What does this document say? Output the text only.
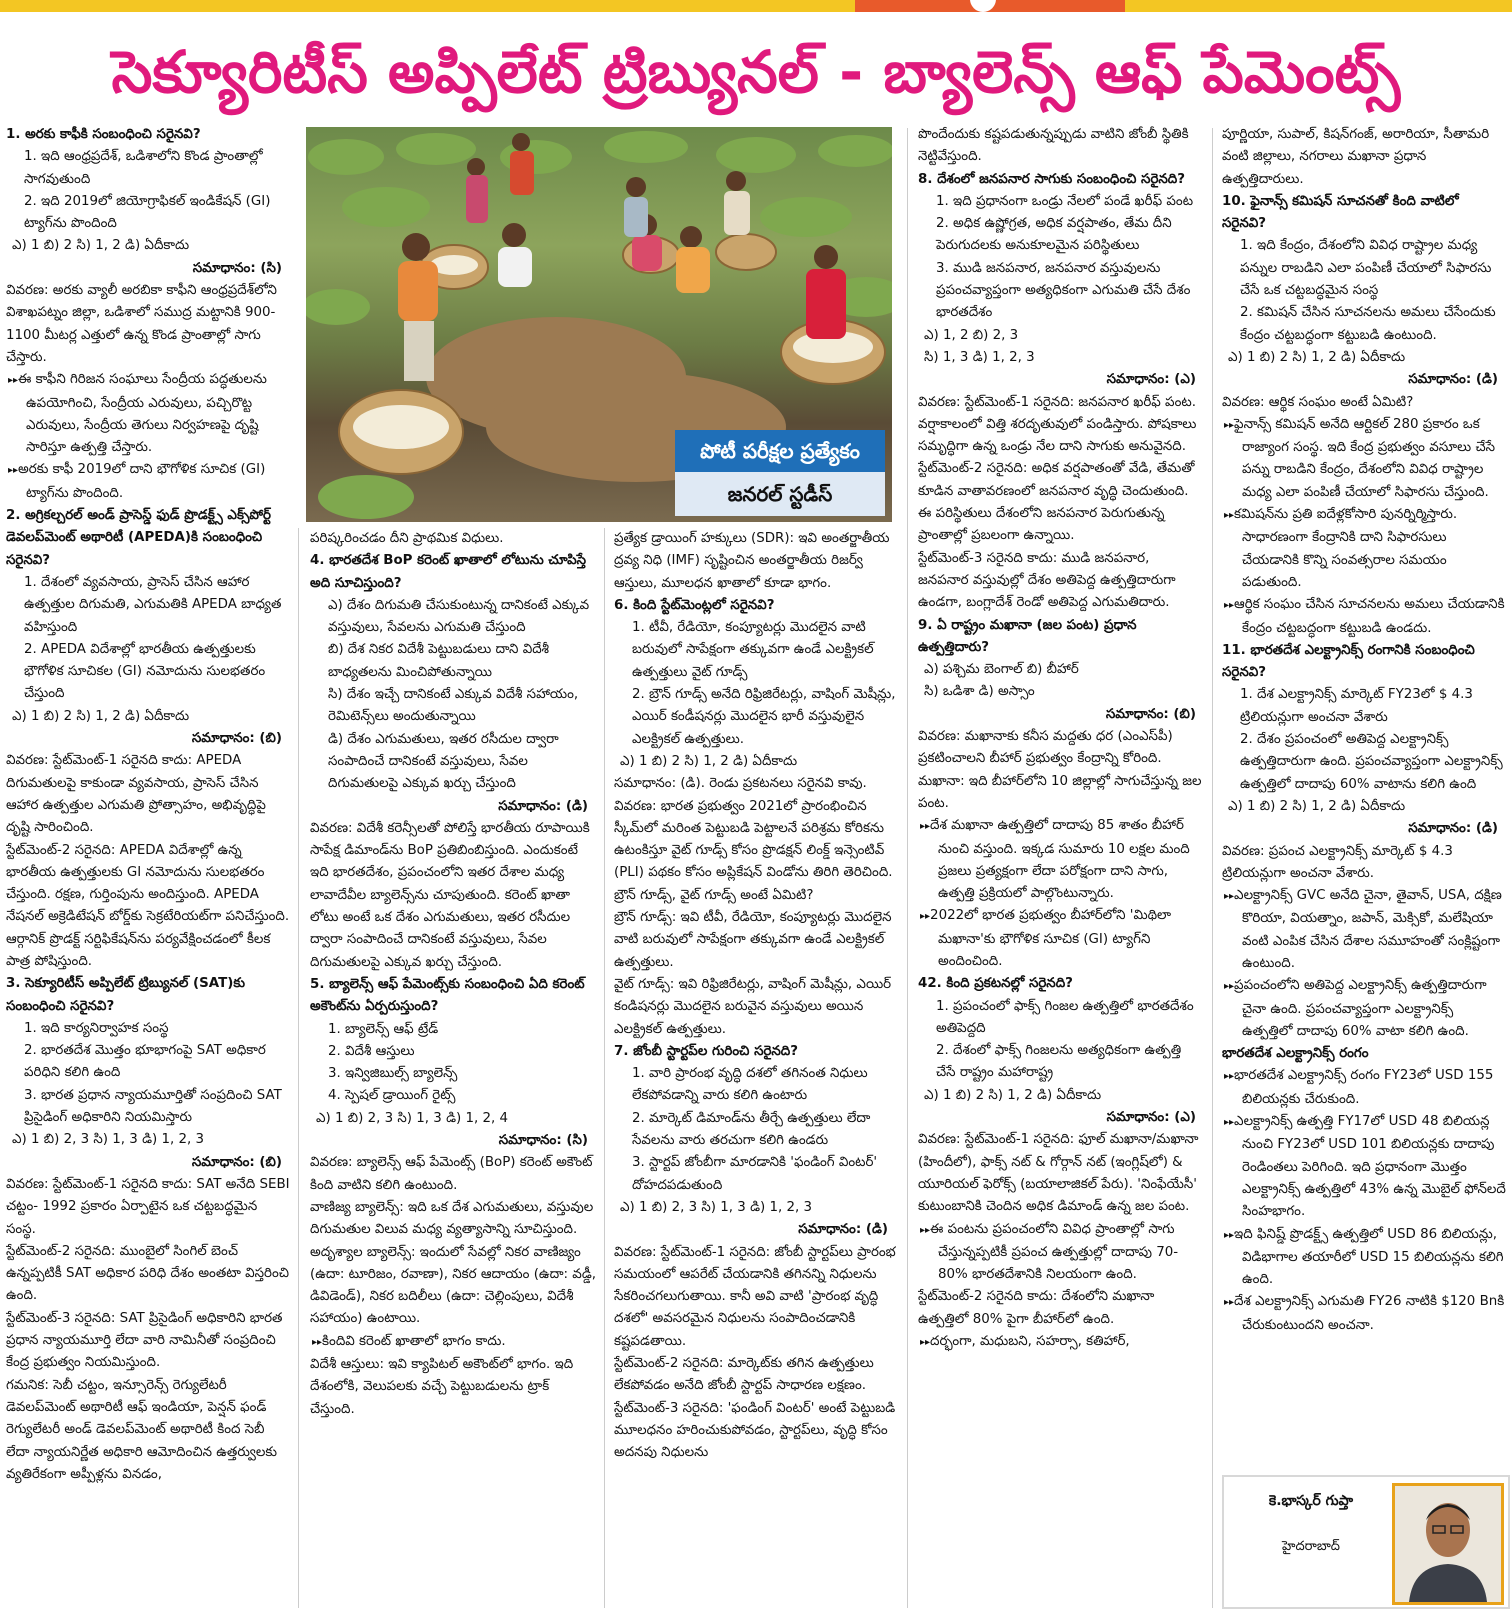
సెక్యూరిటీస్ అప్పిలేట్ ట్రిబ్యునల్ - బ్యాలెన్స్ ఆఫ్ పేమెంట్స్

1. అరకు కాఫీకి సంబంధించి సరైనవి?

1. ఇది ఆంధ్రప్రదేశ్, ఒడిశాలోని కొండ ప్రాంతాల్లో సాగవుతుంది

2. ఇది 2019లో జియోగ్రాఫికల్ ఇండికేషన్ (GI) ట్యాగ్‌ను పొందింది

ఎ) 1 బి) 2 సి) 1, 2 డి) ఏదీకాదు

సమాధానం: (సి)

వివరణ: అరకు వ్యాలీ అరబికా కాఫీని ఆంధ్రప్రదేశ్‌లోని విశాఖపట్నం జిల్లా, ఒడిశాలో సముద్ర మట్టానికి 900-1100 మీటర్ల ఎత్తులో ఉన్న కొండ ప్రాంతాల్లో సాగు చేస్తారు.

▸▸ ఈ కాఫీని గిరిజన సంఘాలు సేంద్రీయ పద్ధతులను ఉపయోగించి, సేంద్రీయ ఎరువులు, పచ్చిరొట్ట ఎరువులు, సేంద్రీయ తెగులు నిర్వహణపై దృష్టి సారిస్తూ ఉత్పత్తి చేస్తారు.

▸▸ అరకు కాఫీ 2019లో దాని భౌగోళిక సూచిక (GI) ట్యాగ్‌ను పొందింది.

2. అగ్రికల్చరల్ అండ్ ప్రాసెస్డ్ ఫుడ్ ప్రొడక్ట్స్ ఎక్స్‌పోర్ట్ డెవలప్‌మెంట్ అథారిటీ (APEDA)కి సంబంధించి సరైనవి?

1. దేశంలో వ్యవసాయ, ప్రాసెస్ చేసిన ఆహార ఉత్పత్తుల దిగుమతి, ఎగుమతికి APEDA బాధ్యత వహిస్తుంది

2. APEDA విదేశాల్లో భారతీయ ఉత్పత్తులకు భౌగోళిక సూచికల (GI) నమోదును సులభతరం చేస్తుంది

ఎ) 1 బి) 2 సి) 1, 2 డి) ఏదీకాదు

సమాధానం: (బి)

వివరణ: స్టేట్‌మెంట్-1 సరైనది కాదు: APEDA దిగుమతులపై కాకుండా వ్యవసాయ, ప్రాసెస్ చేసిన ఆహార ఉత్పత్తుల ఎగుమతి ప్రోత్సాహం, అభివృద్ధిపై దృష్టి సారించింది.

స్టేట్‌మెంట్-2 సరైనది: APEDA విదేశాల్లో ఉన్న భారతీయ ఉత్పత్తులకు GI నమోదును సులభతరం చేస్తుంది. రక్షణ, గుర్తింపును అందిస్తుంది. APEDA నేషనల్ అక్రెడిటేషన్ బోర్డ్‌కు సెక్రటేరియట్‌గా పనిచేస్తుంది. ఆర్గానిక్ ప్రొడక్ట్ సర్టిఫికేషన్‌ను పర్యవేక్షించడంలో కీలక పాత్ర పోషిస్తుంది.

3. సెక్యూరిటీస్ అప్పిలేట్ ట్రిబ్యునల్ (SAT)కు సంబంధించి సరైనవి?

1. ఇది కార్యనిర్వాహక సంస్థ

2. భారతదేశ మొత్తం భూభాగంపై SAT అధికార పరిధిని కలిగి ఉంది

3. భారత ప్రధాన న్యాయమూర్తితో సంప్రదించి SAT ప్రిసైడింగ్ అధికారిని నియమిస్తారు

ఎ) 1 బి) 2, 3 సి) 1, 3 డి) 1, 2, 3

సమాధానం: (బి)

వివరణ: స్టేట్‌మెంట్-1 సరైనది కాదు: SAT అనేది SEBI చట్టం- 1992 ప్రకారం ఏర్పాటైన ఒక చట్టబద్ధమైన సంస్థ.

స్టేట్‌మెంట్-2 సరైనది: ముంబైలో సింగిల్ బెంచ్ ఉన్నప్పటికీ SAT అధికార పరిధి దేశం అంతటా విస్తరించి ఉంది.

స్టేట్‌మెంట్-3 సరైనది: SAT ప్రిసైడింగ్ అధికారిని భారత ప్రధాన న్యాయమూర్తి లేదా వారి నామినీతో సంప్రదించి కేంద్ర ప్రభుత్వం నియమిస్తుంది.

గమనిక: సెబీ చట్టం, ఇన్సూరెన్స్ రెగ్యులేటరీ డెవలప్‌మెంట్ అథారిటీ ఆఫ్ ఇండియా, పెన్షన్ ఫండ్ రెగ్యులేటరీ అండ్ డెవలప్‌మెంట్ అథారిటీ కింద సెబీ లేదా న్యాయనిర్ణేత అధికారి ఆమోదించిన ఉత్తర్వులకు వ్యతిరేకంగా అప్పీళ్లను వినడం,

పరిష్కరించడం దీని ప్రాథమిక విధులు.

4. భారతదేశ BoP కరెంట్ ఖాతాలో లోటును చూపిస్తే అది సూచిస్తుంది?

ఎ) దేశం దిగుమతి చేసుకుంటున్న దానికంటే ఎక్కువ వస్తువులు, సేవలను ఎగుమతి చేస్తుంది

బి) దేశ నికర విదేశీ పెట్టుబడులు దాని విదేశీ బాధ్యతలను మించిపోతున్నాయి

సి) దేశం ఇచ్చే దానికంటే ఎక్కువ విదేశీ సహాయం, రెమిటెన్స్‌లు అందుతున్నాయి

డి) దేశం ఎగుమతులు, ఇతర రసీదుల ద్వారా సంపాదించే దానికంటే వస్తువులు, సేవల దిగుమతులపై ఎక్కువ ఖర్చు చేస్తుంది

సమాధానం: (డి)

వివరణ: విదేశీ కరెన్సీలతో పోలిస్తే భారతీయ రూపాయికి సాపేక్ష డిమాండ్‌ను BoP ప్రతిబింబిస్తుంది. ఎందుకంటే ఇది భారతదేశం, ప్రపంచంలోని ఇతర దేశాల మధ్య లావాదేవీల బ్యాలెన్స్‌ను చూపుతుంది. కరెంట్ ఖాతా లోటు అంటే ఒక దేశం ఎగుమతులు, ఇతర రసీదుల ద్వారా సంపాదించే దానికంటే వస్తువులు, సేవల దిగుమతులపై ఎక్కువ ఖర్చు చేస్తుంది.

5. బ్యాలెన్స్ ఆఫ్ పేమెంట్స్‌కు సంబంధించి ఏది కరెంట్ అకౌంట్‌ను ఏర్పరుస్తుంది?

1. బ్యాలెన్స్ ఆఫ్ ట్రేడ్

2. విదేశీ ఆస్తులు

3. ఇన్విజిబుల్స్ బ్యాలెన్స్

4. స్పెషల్ డ్రాయింగ్ రైట్స్

ఎ) 1 బి) 2, 3 సి) 1, 3 డి) 1, 2, 4

సమాధానం: (సి)

వివరణ: బ్యాలెన్స్ ఆఫ్ పేమెంట్స్ (BoP) కరెంట్ అకౌంట్ కింది వాటిని కలిగి ఉంటుంది.

వాణిజ్య బ్యాలెన్స్: ఇది ఒక దేశ ఎగుమతులు, వస్తువుల దిగుమతుల విలువ మధ్య వ్యత్యాసాన్ని సూచిస్తుంది.

అదృశ్యాల బ్యాలెన్స్: ఇందులో సేవల్లో నికర వాణిజ్యం (ఉదా: టూరిజం, రవాణా), నికర ఆదాయం (ఉదా: వడ్డీ, డివిడెండ్), నికర బదిలీలు (ఉదా: చెల్లింపులు, విదేశీ సహాయం) ఉంటాయి.

▸▸ కిందివి కరెంట్ ఖాతాలో భాగం కాదు.

విదేశీ ఆస్తులు: ఇవి క్యాపిటల్ అకౌంట్‌లో భాగం. ఇది దేశంలోకి, వెలుపలకు వచ్చే పెట్టుబడులను ట్రాక్ చేస్తుంది.

ప్రత్యేక డ్రాయింగ్ హక్కులు (SDR): ఇవి అంతర్జాతీయ ద్రవ్య నిధి (IMF) సృష్టించిన అంతర్జాతీయ రిజర్వ్ ఆస్తులు, మూలధన ఖాతాలో కూడా భాగం.

6. కింది స్టేట్‌మెంట్లలో సరైనవి?

1. టీవీ, రేడియో, కంప్యూటర్లు మొదలైన వాటి బరువులో సాపేక్షంగా తక్కువగా ఉండే ఎలక్ట్రికల్ ఉత్పత్తులు వైట్ గూడ్స్

2. బ్రౌన్ గూడ్స్ అనేది రిఫ్రిజిరేటర్లు, వాషింగ్ మెషీన్లు, ఎయిర్ కండీషనర్లు మొదలైన భారీ వస్తువులైన ఎలక్ట్రికల్ ఉత్పత్తులు.

ఎ) 1 బి) 2 సి) 1, 2 డి) ఏదీకాదు

సమాధానం: (డి). రెండు ప్రకటనలు సరైనవి కావు.

వివరణ: భారత ప్రభుత్వం 2021లో ప్రారంభించిన స్కీమ్‌లో మరింత పెట్టుబడి పెట్టాలనే పరిశ్రమ కోరికను ఉటంకిస్తూ వైట్ గూడ్స్ కోసం ప్రొడక్షన్ లింక్డ్ ఇన్సెంటివ్ (PLI) పథకం కోసం అప్లికేషన్ విండోను తిరిగి తెరిచింది.

బ్రౌన్ గూడ్స్, వైట్ గూడ్స్ అంటే ఏమిటి?

బ్రౌన్ గూడ్స్: ఇవి టీవీ, రేడియో, కంప్యూటర్లు మొదలైన వాటి బరువులో సాపేక్షంగా తక్కువగా ఉండే ఎలక్ట్రికల్ ఉత్పత్తులు.

వైట్ గూడ్స్: ఇవి రిఫ్రిజిరేటర్లు, వాషింగ్ మెషీన్లు, ఎయిర్ కండిషనర్లు మొదలైన బరువైన వస్తువులు అయిన ఎలక్ట్రికల్ ఉత్పత్తులు.

7. జోంబీ స్టార్టప్‌ల గురించి సరైనది?

1. వారి ప్రారంభ వృద్ధి దశలో తగినంత నిధులు లేకపోవడాన్ని వారు కలిగి ఉంటారు

2. మార్కెట్ డిమాండ్‌ను తీర్చే ఉత్పత్తులు లేదా సేవలను వారు తరచుగా కలిగి ఉండరు

3. స్టార్టప్ జోంబీగా మారడానికి 'ఫండింగ్ వింటర్' దోహదపడుతుంది

ఎ) 1 బి) 2, 3 సి) 1, 3 డి) 1, 2, 3

సమాధానం: (డి)

వివరణ: స్టేట్‌మెంట్-1 సరైనది: జోంబీ స్టార్టప్‌లు ప్రారంభ సమయంలో ఆపరేట్ చేయడానికి తగినన్ని నిధులను సేకరించగలుగుతాయి. కానీ అవి వాటి 'ప్రారంభ వృద్ధి దశలో' అవసరమైన నిధులను సంపాదించడానికి కష్టపడతాయి.

స్టేట్‌మెంట్-2 సరైనది: మార్కెట్‌కు తగిన ఉత్పత్తులు లేకపోవడం అనేది జోంబీ స్టార్టప్ సాధారణ లక్షణం.

స్టేట్‌మెంట్-3 సరైనది: 'ఫండింగ్ వింటర్' అంటే పెట్టుబడి మూలధనం హరించుకుపోవడం, స్టార్టప్‌లు, వృద్ధి కోసం అదనపు నిధులను

పొందేందుకు కష్టపడుతున్నప్పుడు వాటిని జోంబీ స్థితికి నెట్టివేస్తుంది.

8. దేశంలో జనపనార సాగుకు సంబంధించి సరైనది?

1. ఇది ప్రధానంగా ఒండ్రు నేలలో పండే ఖరీఫ్ పంట

2. అధిక ఉష్ణోగ్రత, అధిక వర్షపాతం, తేమ దీని పెరుగుదలకు అనుకూలమైన పరిస్థితులు

3. ముడి జనపనార, జనపనార వస్తువులను ప్రపంచవ్యాప్తంగా అత్యధికంగా ఎగుమతి చేసే దేశం భారతదేశం

ఎ) 1, 2 బి) 2, 3

సి) 1, 3 డి) 1, 2, 3

సమాధానం: (ఎ)

వివరణ: స్టేట్‌మెంట్-1 సరైనది: జనపనార ఖరీఫ్ పంట. వర్షాకాలంలో విత్తి శరదృతువులో పండిస్తారు. పోషకాలు సమృద్ధిగా ఉన్న ఒండ్రు నేల దాని సాగుకు అనువైనది.

స్టేట్‌మెంట్-2 సరైనది: అధిక వర్షపాతంతో వేడి, తేమతో కూడిన వాతావరణంలో జనపనార వృద్ధి చెందుతుంది. ఈ పరిస్థితులు దేశంలోని జనపనార పెరుగుతున్న ప్రాంతాల్లో ప్రబలంగా ఉన్నాయి.

స్టేట్‌మెంట్-3 సరైనది కాదు: ముడి జనపనార, జనపనార వస్తువుల్లో దేశం అతిపెద్ద ఉత్పత్తిదారుగా ఉండగా, బంగ్లాదేశ్ రెండో అతిపెద్ద ఎగుమతిదారు.

9. ఏ రాష్ట్రం మఖానా (జల పంట) ప్రధాన ఉత్పత్తిదారు?

ఎ) పశ్చిమ బెంగాల్ బి) బీహార్

సి) ఒడిశా డి) అస్సాం

సమాధానం: (బి)

వివరణ: మఖానాకు కనీస మద్దతు ధర (ఎంఎస్‌పీ) ప్రకటించాలని బీహార్ ప్రభుత్వం కేంద్రాన్ని కోరింది.

మఖానా: ఇది బీహార్‌లోని 10 జిల్లాల్లో సాగుచేస్తున్న జల పంట.

▸▸ దేశ మఖానా ఉత్పత్తిలో దాదాపు 85 శాతం బీహార్ నుంచి వస్తుంది. ఇక్కడ సుమారు 10 లక్షల మంది ప్రజలు ప్రత్యక్షంగా లేదా పరోక్షంగా దాని సాగు, ఉత్పత్తి ప్రక్రియలో పాల్గొంటున్నారు.

▸▸ 2022లో భారత ప్రభుత్వం బీహార్‌లోని 'మిథిలా మఖానా'కు భౌగోళిక సూచిక (GI) ట్యాగ్‌ని అందించింది.

42. కింది ప్రకటనల్లో సరైనది?

1. ప్రపంచంలో ఫాక్స్ గింజల ఉత్పత్తిలో భారతదేశం అతిపెద్దది

2. దేశంలో ఫాక్స్ గింజలను అత్యధికంగా ఉత్పత్తి చేసే రాష్ట్రం మహారాష్ట్ర

ఎ) 1 బి) 2 సి) 1, 2 డి) ఏదీకాదు

సమాధానం: (ఎ)

వివరణ: స్టేట్‌మెంట్-1 సరైనది: ఫూల్ మఖానా/మఖానా (హిందీలో), ఫాక్స్ నట్ & గోర్గాన్ నట్ (ఇంగ్లిష్‌లో) & యూరియల్ ఫెరోక్స్ (బయాలాజికల్ పేరు). 'నింఫేయేసీ' కుటుంబానికి చెందిన అధిక డిమాండ్ ఉన్న జల పంట.

▸▸ ఈ పంటను ప్రపంచంలోని వివిధ ప్రాంతాల్లో సాగు చేస్తున్నప్పటికీ ప్రపంచ ఉత్పత్తుల్లో దాదాపు 70-80% భారతదేశానికి నిలయంగా ఉంది.

స్టేట్‌మెంట్-2 సరైనది కాదు: దేశంలోని మఖానా ఉత్పత్తిలో 80% పైగా బీహార్‌లో ఉంది.

▸▸ దర్భంగా, మధుబని, సహర్సా, కతిహార్,

పూర్ణియా, సుపాల్, కిషన్‌గంజ్, అరారియా, సీతామరి వంటి జిల్లాలు, నగరాలు మఖానా ప్రధాన ఉత్పత్తిదారులు.

10. ఫైనాన్స్ కమిషన్ సూచనతో కింది వాటిలో సరైనవి?

1. ఇది కేంద్రం, దేశంలోని వివిధ రాష్ట్రాల మధ్య పన్నుల రాబడిని ఎలా పంపిణీ చేయాలో సిఫారసు చేసే ఒక చట్టబద్ధమైన సంస్థ

2. కమిషన్ చేసిన సూచనలను అమలు చేసేందుకు కేంద్రం చట్టబద్ధంగా కట్టుబడి ఉంటుంది.

ఎ) 1 బి) 2 సి) 1, 2 డి) ఏదీకాదు

సమాధానం: (డి)

వివరణ: ఆర్థిక సంఘం అంటే ఏమిటి?

▸▸ ఫైనాన్స్ కమిషన్ అనేది ఆర్టికల్ 280 ప్రకారం ఒక రాజ్యాంగ సంస్థ. ఇది కేంద్ర ప్రభుత్వం వసూలు చేసే పన్ను రాబడిని కేంద్రం, దేశంలోని వివిధ రాష్ట్రాల మధ్య ఎలా పంపిణీ చేయాలో సిఫారసు చేస్తుంది.

▸▸ కమిషన్‌ను ప్రతి ఐదేళ్లకోసారి పునర్నిర్మిస్తారు. సాధారణంగా కేంద్రానికి దాని సిఫారసులు చేయడానికి కొన్ని సంవత్సరాల సమయం పడుతుంది.

▸▸ ఆర్థిక సంఘం చేసిన సూచనలను అమలు చేయడానికి కేంద్రం చట్టబద్ధంగా కట్టుబడి ఉండదు.

11. భారతదేశ ఎలక్ట్రానిక్స్ రంగానికి సంబంధించి సరైనవి?

1. దేశ ఎలక్ట్రానిక్స్ మార్కెట్ FY23లో $ 4.3 ట్రిలియన్లుగా అంచనా వేశారు

2. దేశం ప్రపంచంలో అతిపెద్ద ఎలక్ట్రానిక్స్ ఉత్పత్తిదారుగా ఉంది. ప్రపంచవ్యాప్తంగా ఎలక్ట్రానిక్స్ ఉత్పత్తిలో దాదాపు 60% వాటాను కలిగి ఉంది

ఎ) 1 బి) 2 సి) 1, 2 డి) ఏదీకాదు

సమాధానం: (డి)

వివరణ: ప్రపంచ ఎలక్ట్రానిక్స్ మార్కెట్ $ 4.3 ట్రిలియన్లుగా అంచనా వేశారు.

▸▸ ఎలక్ట్రానిక్స్ GVC అనేది చైనా, తైవాన్, USA, దక్షిణ కొరియా, వియత్నాం, జపాన్, మెక్సికో, మలేషియా వంటి ఎంపిక చేసిన దేశాల సమూహంతో సంక్లిష్టంగా ఉంటుంది.

▸▸ ప్రపంచంలోని అతిపెద్ద ఎలక్ట్రానిక్స్ ఉత్పత్తిదారుగా చైనా ఉంది. ప్రపంచవ్యాప్తంగా ఎలక్ట్రానిక్స్ ఉత్పత్తిలో దాదాపు 60% వాటా కలిగి ఉంది.

భారతదేశ ఎలక్ట్రానిక్స్ రంగం

▸▸ భారతదేశ ఎలక్ట్రానిక్స్ రంగం FY23లో USD 155 బిలియన్లకు చేరుకుంది.

▸▸ ఎలక్ట్రానిక్స్ ఉత్పత్తి FY17లో USD 48 బిలియన్ల నుంచి FY23లో USD 101 బిలియన్లకు దాదాపు రెండింతలు పెరిగింది. ఇది ప్రధానంగా మొత్తం ఎలక్ట్రానిక్స్ ఉత్పత్తిలో 43% ఉన్న మొబైల్ ఫోన్‌లదే సింహభాగం.

▸▸ ఇది ఫినిష్డ్ ప్రొడక్ట్స్ ఉత్పత్తిలో USD 86 బిలియన్లు, విడిభాగాల తయారీలో USD 15 బిలియన్లను కలిగి ఉంది.

▸▸ దేశ ఎలక్ట్రానిక్స్ ఎగుమతి FY26 నాటికి $120 Bnకి చేరుకుంటుందని అంచనా.

పోటీ పరీక్షల ప్రత్యేకం
జనరల్ స్టడీస్
కె.భాస్కర్ గుప్తా
హైదరాబాద్
